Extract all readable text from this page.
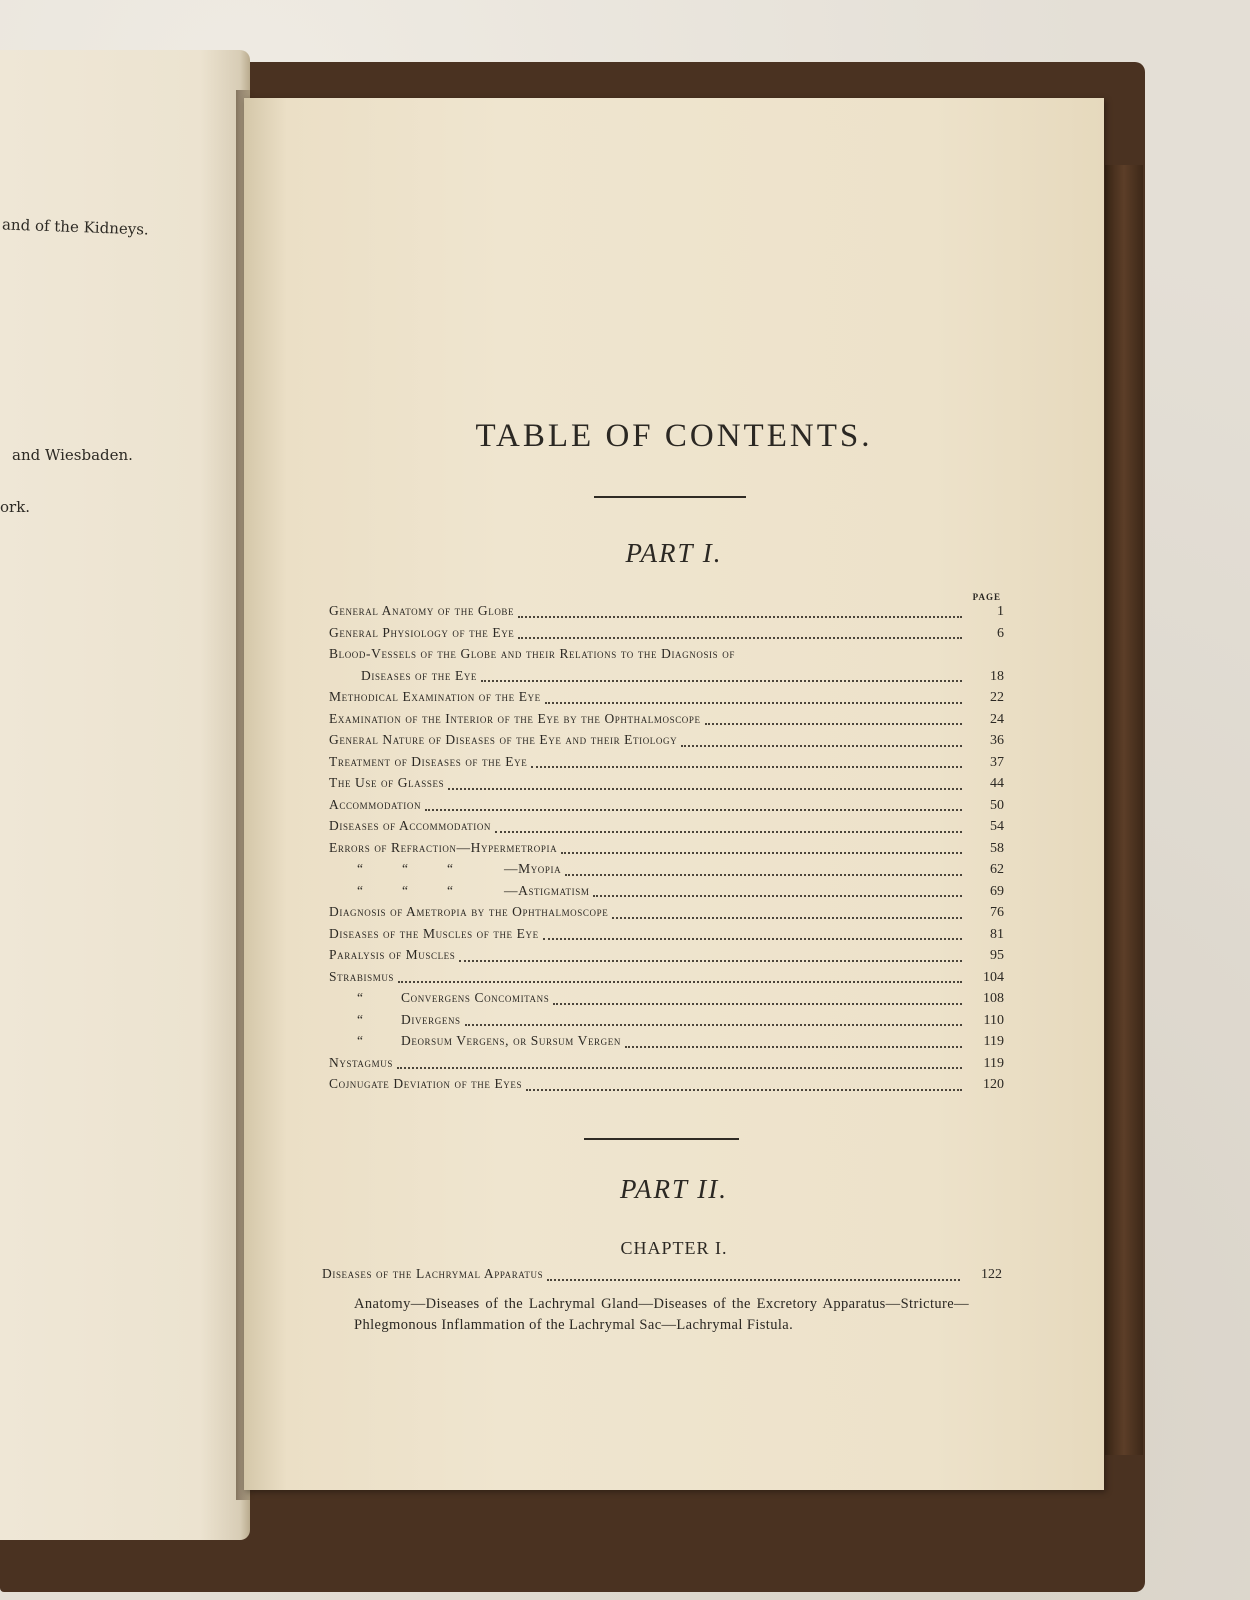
and of the Kidneys.
and Wiesbaden.
ork.
TABLE OF CONTENTS.
PART I.
PAGE
General Anatomy of the Globe	1
General Physiology of the Eye	6
Blood-Vessels of the Globe and their Relations to the Diagnosis of
Diseases of the Eye	18
Methodical Examination of the Eye	22
Examination of the Interior of the Eye by the Ophthalmoscope	24
General Nature of Diseases of the Eye and their Etiology	36
Treatment of Diseases of the Eye	37
The Use of Glasses	44
Accommodation	50
Diseases of Accommodation	54
Errors of Refraction—Hypermetropia	58
“	“	“	—Myopia	62
“	“	“	—Astigmatism	69
Diagnosis of Ametropia by the Ophthalmoscope	76
Diseases of the Muscles of the Eye	81
Paralysis of Muscles	95
Strabismus	104
“	Convergens Concomitans	108
“	Divergens	110
“	Deorsum Vergens, or Sursum Vergen	119
Nystagmus	119
Cojnugate Deviation of the Eyes	120
PART II.
CHAPTER I.
Diseases of the Lachrymal Apparatus	122
Anatomy—Diseases of the Lachrymal Gland—Diseases of the Excretory Apparatus—Stricture—Phlegmonous Inflammation of the Lachrymal Sac—Lachrymal Fistula.
